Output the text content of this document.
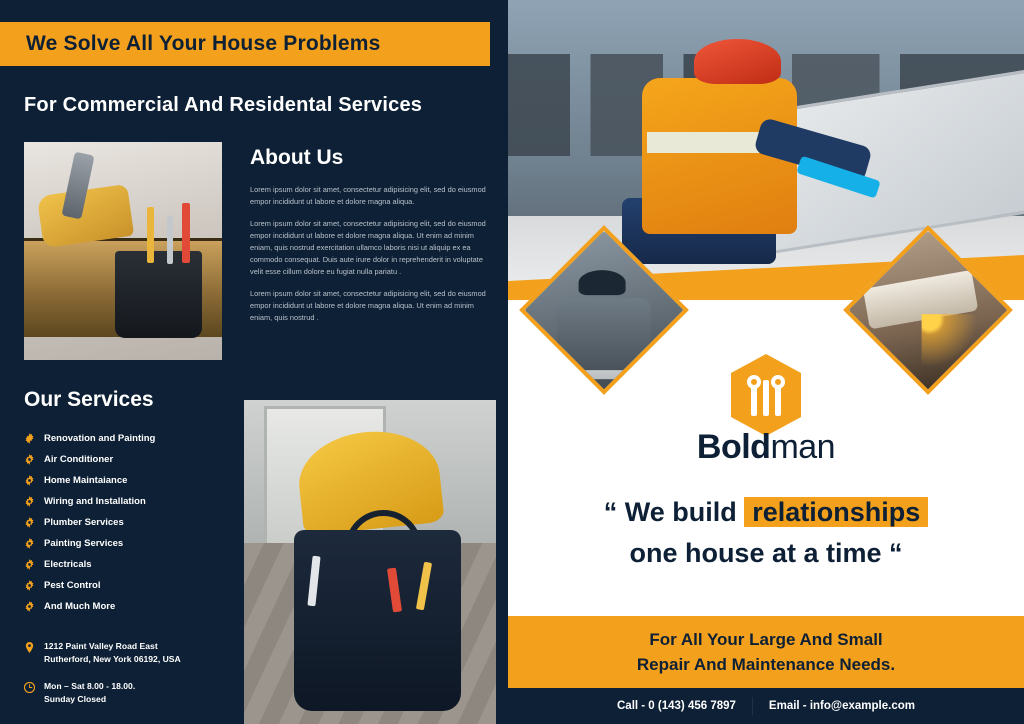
We Solve All Your House Problems
For Commercial And Residental Services
About Us

Lorem ipsum dolor sit amet, consectetur adipisicing elit, sed do eiusmod empor incididunt ut labore et dolore magna aliqua.

Lorem ipsum dolor sit amet, consectetur adipisicing elit, sed do eiusmod empor incididunt ut labore et dolore magna aliqua. Ut enim ad minim eniam, quis nostrud exercitation ullamco laboris nisi ut aliquip ex ea commodo consequat. Duis aute irure dolor in reprehenderit in voluptate velit esse cillum dolore eu fugiat nulla pariatu .

Lorem ipsum dolor sit amet, consectetur adipisicing elit, sed do eiusmod empor incididunt ut labore et dolore magna aliqua. Ut enim ad minim eniam, quis nostrud .

Our Services
Renovation and Painting
Air Conditioner
Home Maintaiance
Wiring and Installation
Plumber Services
Painting Services
Electricals
Pest Control
And Much More
1212 Paint Valley Road East
Rutherford, New York 06192, USA
Mon – Sat 8.00 - 18.00.
Sunday Closed
Boldman
“ We build relationships
one house at a time “
For All Your Large And Small
Repair And Maintenance Needs.
Call - 0 (143) 456 7897	Email - info@example.com
